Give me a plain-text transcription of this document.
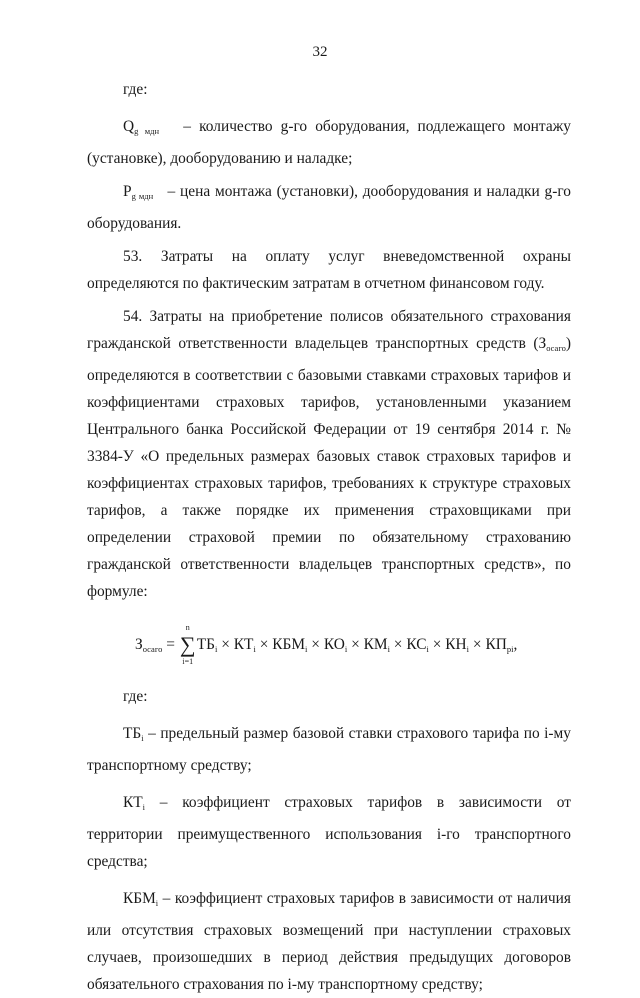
32

где:

$Q_{g мдн}$ – количество g-го оборудования, подлежащего монтажу (установке), дооборудованию и наладке;

$P_{g мдн}$ – цена монтажа (установки), дооборудования и наладки g-го оборудования.

53. Затраты на оплату услуг вневедомственной охраны определяются по фактическим затратам в отчетном финансовом году.

54. Затраты на приобретение полисов обязательного страхования гражданской ответственности владельцев транспортных средств $(З_{осаго})$ определяются в соответствии с базовыми ставками страховых тарифов и коэффициентами страховых тарифов, установленными указанием Центрального банка Российской Федерации от 19 сентября 2014 г. № 3384-У «О предельных размерах базовых ставок страховых тарифов и коэффициентах страховых тарифов, требованиях к структуре страховых тарифов, а также порядке их применения страховщиками при определении страховой премии по обязательному страхованию гражданской ответственности владельцев транспортных средств», по формуле:

$З_{осаго}$ =
n
∑
i=1
$ТБ_i \times КТ_i \times КБМ_i \times КО_i \times КМ_i \times КС_i \times КН_i \times КП_{pi}$,

где:

$ТБ_i$ – предельный размер базовой ставки страхового тарифа по i-му транспортному средству;

$КТ_i$ – коэффициент страховых тарифов в зависимости от территории преимущественного использования i-го транспортного средства;

$КБМ_i$ – коэффициент страховых тарифов в зависимости от наличия или отсутствия страховых возмещений при наступлении страховых случаев, произошедших в период действия предыдущих договоров обязательного страхования по i-му транспортному средству;
